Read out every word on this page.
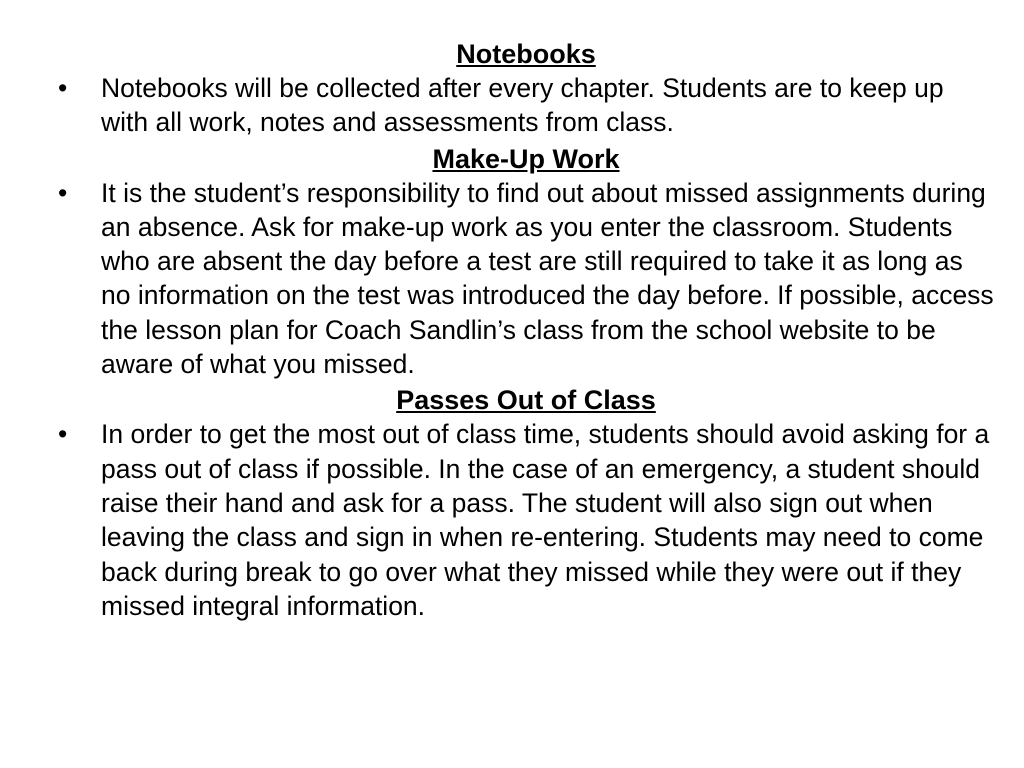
Notebooks
•	Notebooks will be collected after every chapter. Students are to keep up with all work, notes and assessments from class.
Make-Up Work
•	It is the student’s responsibility to find out about missed assignments during an absence. Ask for make-up work as you enter the classroom. Students who are absent the day before a test are still required to take it as long as no information on the test was introduced the day before. If possible, access the lesson plan for Coach Sandlin’s class from the school website to be aware of what you missed.
Passes Out of Class
•	In order to get the most out of class time, students should avoid asking for a pass out of class if possible. In the case of an emergency, a student should raise their hand and ask for a pass. The student will also sign out when leaving the class and sign in when re-entering. Students may need to come back during break to go over what they missed while they were out if they missed integral information.
